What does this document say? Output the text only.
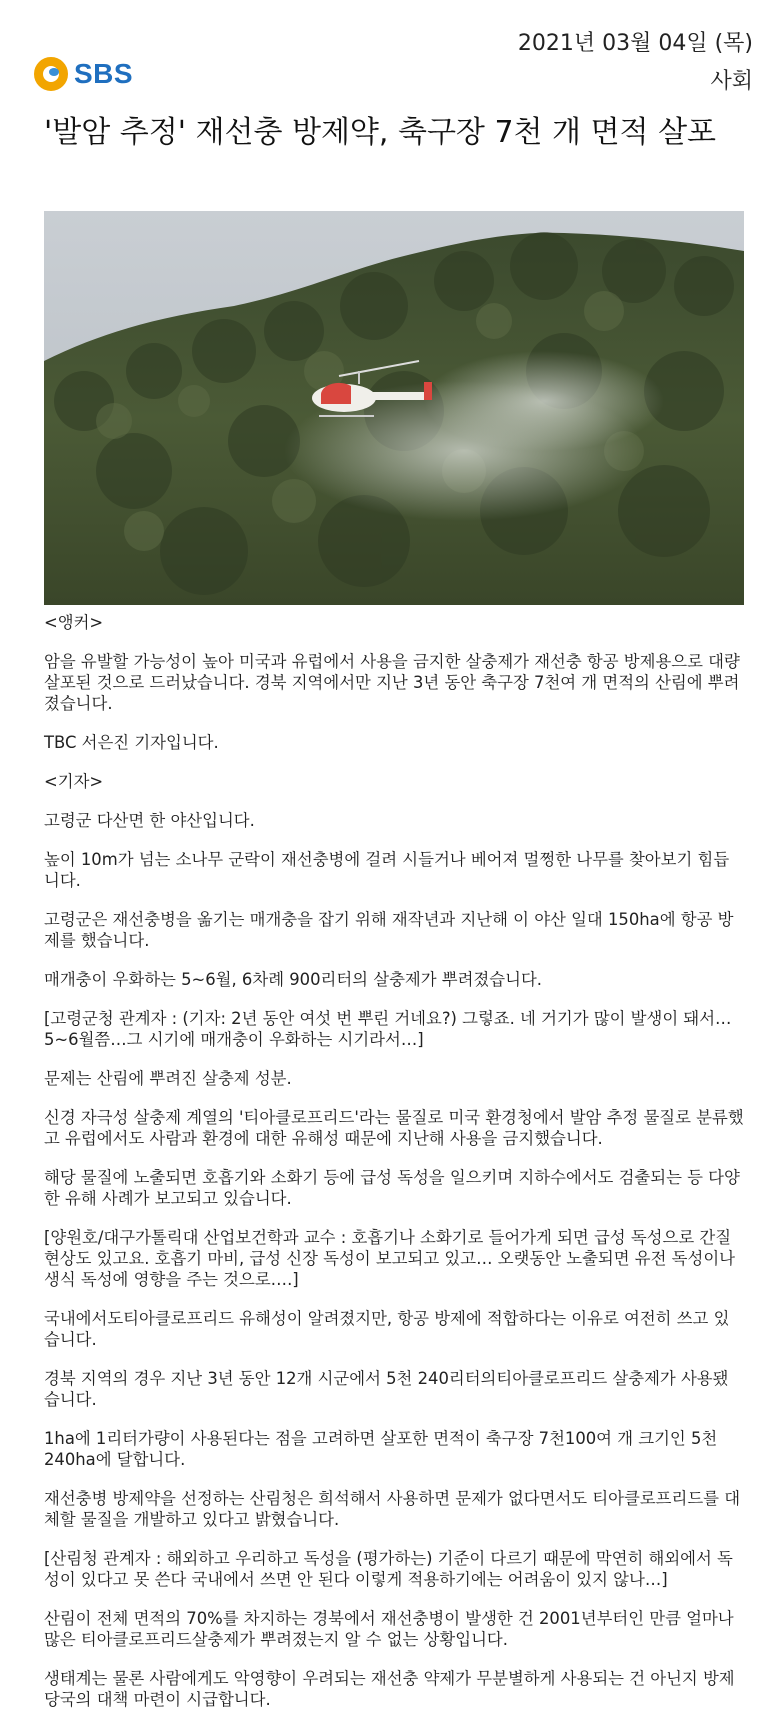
SBS
2021년 03월 04일 (목)
사회
'발암 추정' 재선충 방제약, 축구장 7천 개 면적 살포

<앵커>

암을 유발할 가능성이 높아 미국과 유럽에서 사용을 금지한 살충제가 재선충 항공 방제용으로 대량 살포된 것으로 드러났습니다. 경북 지역에서만 지난 3년 동안 축구장 7천여 개 면적의 산림에 뿌려졌습니다.

TBC 서은진 기자입니다.

<기자>

고령군 다산면 한 야산입니다.

높이 10m가 넘는 소나무 군락이 재선충병에 걸려 시들거나 베어져 멀쩡한 나무를 찾아보기 힘듭니다.

고령군은 재선충병을 옮기는 매개충을 잡기 위해 재작년과 지난해 이 야산 일대 150ha에 항공 방제를 했습니다.

매개충이 우화하는 5~6월, 6차례 900리터의 살충제가 뿌려졌습니다.

[고령군청 관계자 : (기자: 2년 동안 여섯 번 뿌린 거네요?) 그렇죠. 네 거기가 많이 발생이 돼서… 5~6월쯤…그 시기에 매개충이 우화하는 시기라서…]

문제는 산림에 뿌려진 살충제 성분.

신경 자극성 살충제 계열의 '티아클로프리드'라는 물질로 미국 환경청에서 발암 추정 물질로 분류했고 유럽에서도 사람과 환경에 대한 유해성 때문에 지난해 사용을 금지했습니다.

해당 물질에 노출되면 호흡기와 소화기 등에 급성 독성을 일으키며 지하수에서도 검출되는 등 다양한 유해 사례가 보고되고 있습니다.

[양원호/대구가톨릭대 산업보건학과 교수 : 호흡기나 소화기로 들어가게 되면 급성 독성으로 간질 현상도 있고요. 호흡기 마비, 급성 신장 독성이 보고되고 있고… 오랫동안 노출되면 유전 독성이나 생식 독성에 영향을 주는 것으로….]

국내에서도티아클로프리드 유해성이 알려졌지만, 항공 방제에 적합하다는 이유로 여전히 쓰고 있습니다.

경북 지역의 경우 지난 3년 동안 12개 시군에서 5천 240리터의티아클로프리드 살충제가 사용됐습니다.

1ha에 1리터가량이 사용된다는 점을 고려하면 살포한 면적이 축구장 7천100여 개 크기인 5천 240ha에 달합니다.

재선충병 방제약을 선정하는 산림청은 희석해서 사용하면 문제가 없다면서도 티아클로프리드를 대체할 물질을 개발하고 있다고 밝혔습니다.

[산림청 관계자 : 해외하고 우리하고 독성을 (평가하는) 기준이 다르기 때문에 막연히 해외에서 독성이 있다고 못 쓴다 국내에서 쓰면 안 된다 이렇게 적용하기에는 어려움이 있지 않나…]

산림이 전체 면적의 70%를 차지하는 경북에서 재선충병이 발생한 건 2001년부터인 만큼 얼마나 많은 티아클로프리드살충제가 뿌려졌는지 알 수 없는 상황입니다.

생태계는 물론 사람에게도 악영향이 우려되는 재선충 약제가 무분별하게 사용되는 건 아닌지 방제 당국의 대책 마련이 시급합니다.
